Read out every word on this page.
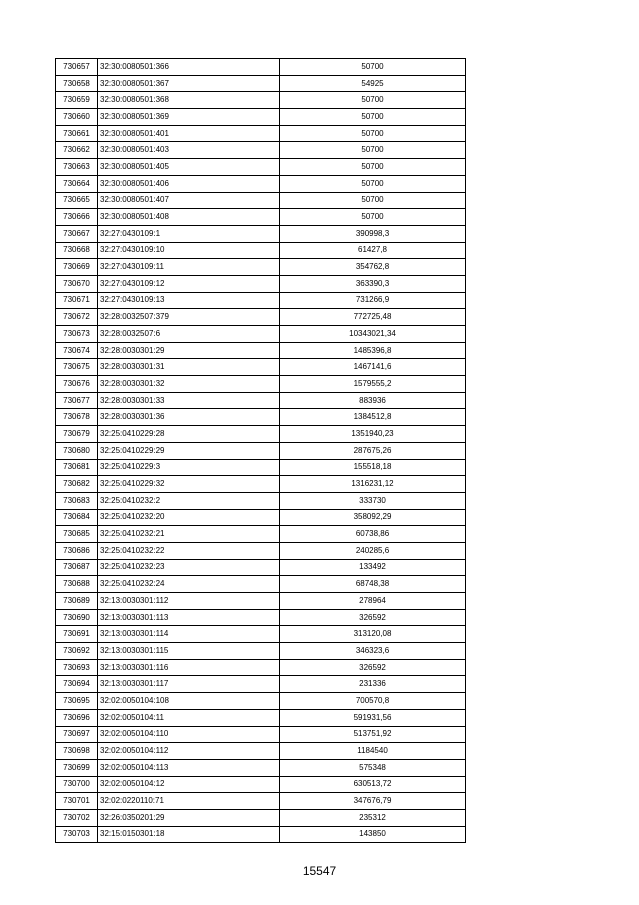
730657	32:30:0080501:366	50700
730658	32:30:0080501:367	54925
730659	32:30:0080501:368	50700
730660	32:30:0080501:369	50700
730661	32:30:0080501:401	50700
730662	32:30:0080501:403	50700
730663	32:30:0080501:405	50700
730664	32:30:0080501:406	50700
730665	32:30:0080501:407	50700
730666	32:30:0080501:408	50700
730667	32:27:0430109:1	390998,3
730668	32:27:0430109:10	61427,8
730669	32:27:0430109:11	354762,8
730670	32:27:0430109:12	363390,3
730671	32:27:0430109:13	731266,9
730672	32:28:0032507:379	772725,48
730673	32:28:0032507:6	10343021,34
730674	32:28:0030301:29	1485396,8
730675	32:28:0030301:31	1467141,6
730676	32:28:0030301:32	1579555,2
730677	32:28:0030301:33	883936
730678	32:28:0030301:36	1384512,8
730679	32:25:0410229:28	1351940,23
730680	32:25:0410229:29	287675,26
730681	32:25:0410229:3	155518,18
730682	32:25:0410229:32	1316231,12
730683	32:25:0410232:2	333730
730684	32:25:0410232:20	358092,29
730685	32:25:0410232:21	60738,86
730686	32:25:0410232:22	240285,6
730687	32:25:0410232:23	133492
730688	32:25:0410232:24	68748,38
730689	32:13:0030301:112	278964
730690	32:13:0030301:113	326592
730691	32:13:0030301:114	313120,08
730692	32:13:0030301:115	346323,6
730693	32:13:0030301:116	326592
730694	32:13:0030301:117	231336
730695	32:02:0050104:108	700570,8
730696	32:02:0050104:11	591931,56
730697	32:02:0050104:110	513751,92
730698	32:02:0050104:112	1184540
730699	32:02:0050104:113	575348
730700	32:02:0050104:12	630513,72
730701	32:02:0220110:71	347676,79
730702	32:26:0350201:29	235312
730703	32:15:0150301:18	143850
15547
